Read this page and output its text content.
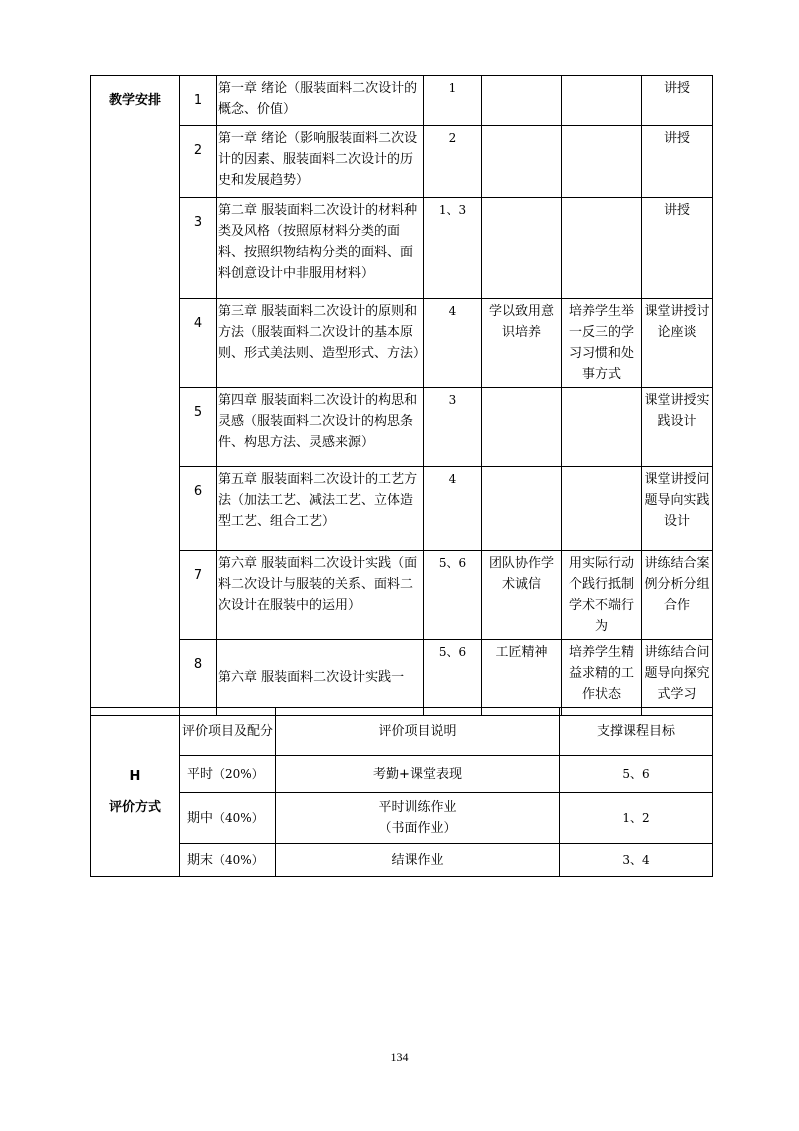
教学安排	1	第一章 绪论（服装面料二次设计的概念、价值）	1			讲授
	2	第一章 绪论（影响服装面料二次设计的因素、服装面料二次设计的历史和发展趋势）	2			讲授
	3	第二章 服装面料二次设计的材料种类及风格（按照原材料分类的面料、按照织物结构分类的面料、面料创意设计中非服用材料）	1、3			讲授
	4	第三章 服装面料二次设计的原则和方法（服装面料二次设计的基本原则、形式美法则、造型形式、方法）	4	学以致用意识培养	培养学生举一反三的学习习惯和处事方式	课堂讲授讨论座谈
	5	第四章 服装面料二次设计的构思和灵感（服装面料二次设计的构思条件、构思方法、灵感来源）	3			课堂讲授实践设计
	6	第五章 服装面料二次设计的工艺方法（加法工艺、减法工艺、立体造型工艺、组合工艺）	4			课堂讲授问题导向实践设计
	7	第六章 服装面料二次设计实践（面料二次设计与服装的关系、面料二次设计在服装中的运用）	5、6	团队协作学术诚信	用实际行动个践行抵制学术不端行为	讲练结合案例分析分组合作
	8	第六章 服装面料二次设计实践一	5、6	工匠精神	培养学生精益求精的工作状态	讲练结合问题导向探究式学习
H
评价方式	评价项目及配分	评价项目说明	支撑课程目标
	平时（20%）	考勤+课堂表现	5、6
	期中（40%）	平时训练作业（书面作业）	1、2
	期末（40%）	结课作业	3、4
134
